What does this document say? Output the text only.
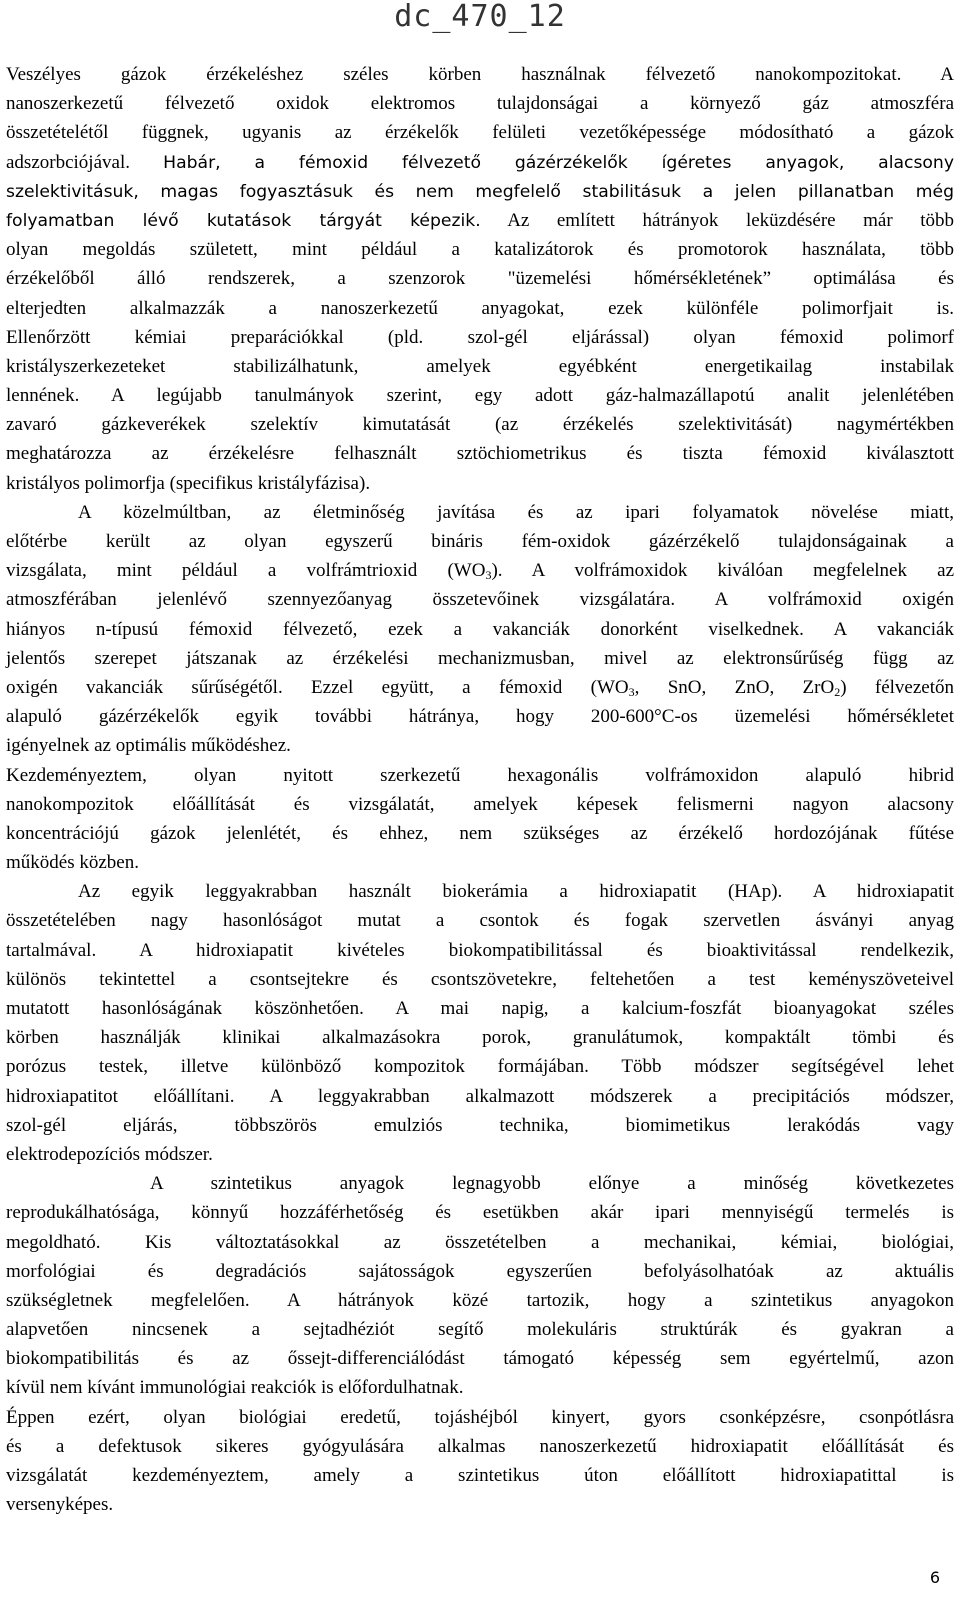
dc_470_12
Veszélyes gázok érzékeléshez széles körben használnak félvezető nanokompozitokat. A
nanoszerkezetű félvezető oxidok elektromos tulajdonságai a környező gáz atmoszféra
összetételétől függnek, ugyanis az érzékelők felületi vezetőképessége módosítható a gázok
adszorbciójával. Habár, a fémoxid félvezető gázérzékelők ígéretes anyagok, alacsony
szelektivitásuk, magas fogyasztásuk és nem megfelelő stabilitásuk a jelen pillanatban még
folyamatban lévő kutatások tárgyát képezik. Az említett hátrányok leküzdésére már több
olyan megoldás született, mint például a katalizátorok és promotorok használata, több
érzékelőből álló rendszerek, a szenzorok "üzemelési hőmérsékletének” optimálása és
elterjedten alkalmazzák a nanoszerkezetű anyagokat, ezek különféle polimorfjait is.
Ellenőrzött kémiai preparációkkal (pld. szol-gél eljárással) olyan fémoxid polimorf
kristályszerkezeteket stabilizálhatunk, amelyek egyébként energetikailag instabilak
lennének. A legújabb tanulmányok szerint, egy adott gáz-halmazállapotú analit jelenlétében
zavaró gázkeverékek szelektív kimutatását (az érzékelés szelektivitását) nagymértékben
meghatározza az érzékelésre felhasznált sztöchiometrikus és tiszta fémoxid kiválasztott
kristályos polimorfja (specifikus kristályfázisa).
A közelmúltban, az életminőség javítása és az ipari folyamatok növelése miatt,
előtérbe került az olyan egyszerű bináris fém-oxidok gázérzékelő tulajdonságainak a
vizsgálata, mint például a volfrámtrioxid $(WO_3)$. A volfrámoxidok kiválóan megfelelnek az
atmoszférában jelenlévő szennyezőanyag összetevőinek vizsgálatára. A volfrámoxid oxigén
hiányos n-típusú fémoxid félvezető, ezek a vakanciák donorként viselkednek. A vakanciák
jelentős szerepet játszanak az érzékelési mechanizmusban, mivel az elektronsűrűség függ az
oxigén vakanciák sűrűségétől. Ezzel együtt, a fémoxid ($WO_3$, SnO, ZnO, ZrO$_2$) félvezetőn
alapuló gázérzékelők egyik további hátránya, hogy 200-600°C-os üzemelési hőmérsékletet
igényelnek az optimális működéshez.
Kezdeményeztem, olyan nyitott szerkezetű hexagonális volfrámoxidon alapuló hibrid
nanokompozitok előállítását és vizsgálatát, amelyek képesek felismerni nagyon alacsony
koncentrációjú gázok jelenlétét, és ehhez, nem szükséges az érzékelő hordozójának fűtése
működés közben.
Az egyik leggyakrabban használt biokerámia a hidroxiapatit (HAp). A hidroxiapatit
összetételében nagy hasonlóságot mutat a csontok és fogak szervetlen ásványi anyag
tartalmával. A hidroxiapatit kivételes biokompatibilitással és bioaktivitással rendelkezik,
különös tekintettel a csontsejtekre és csontszövetekre, feltehetően a test keményszöveteivel
mutatott hasonlóságának köszönhetően. A mai napig, a kalcium-foszfát bioanyagokat széles
körben használják klinikai alkalmazásokra porok, granulátumok, kompaktált tömbi és
porózus testek, illetve különböző kompozitok formájában. Több módszer segítségével lehet
hidroxiapatitot előállítani. A leggyakrabban alkalmazott módszerek a precipitációs módszer,
szol-gél eljárás, többszörös emulziós technika, biomimetikus lerakódás vagy
elektrodepozíciós módszer.
A szintetikus anyagok legnagyobb előnye a minőség következetes
reprodukálhatósága, könnyű hozzáférhetőség és esetükben akár ipari mennyiségű termelés is
megoldható. Kis változtatásokkal az összetételben a mechanikai, kémiai, biológiai,
morfológiai és degradációs sajátosságok egyszerűen befolyásolhatóak az aktuális
szükségletnek megfelelően. A hátrányok közé tartozik, hogy a szintetikus anyagokon
alapvetően nincsenek a sejtadhéziót segítő molekuláris struktúrák és gyakran a
biokompatibilitás és az őssejt-differenciálódást támogató képesség sem egyértelmű, azon
kívül nem kívánt immunológiai reakciók is előfordulhatnak.
Éppen ezért, olyan biológiai eredetű, tojáshéjból kinyert, gyors csonképzésre, csonpótlásra
és a defektusok sikeres gyógyulására alkalmas nanoszerkezetű hidroxiapatit előállítását és
vizsgálatát kezdeményeztem, amely a szintetikus úton előállított hidroxiapatittal is
versenyképes.
6
